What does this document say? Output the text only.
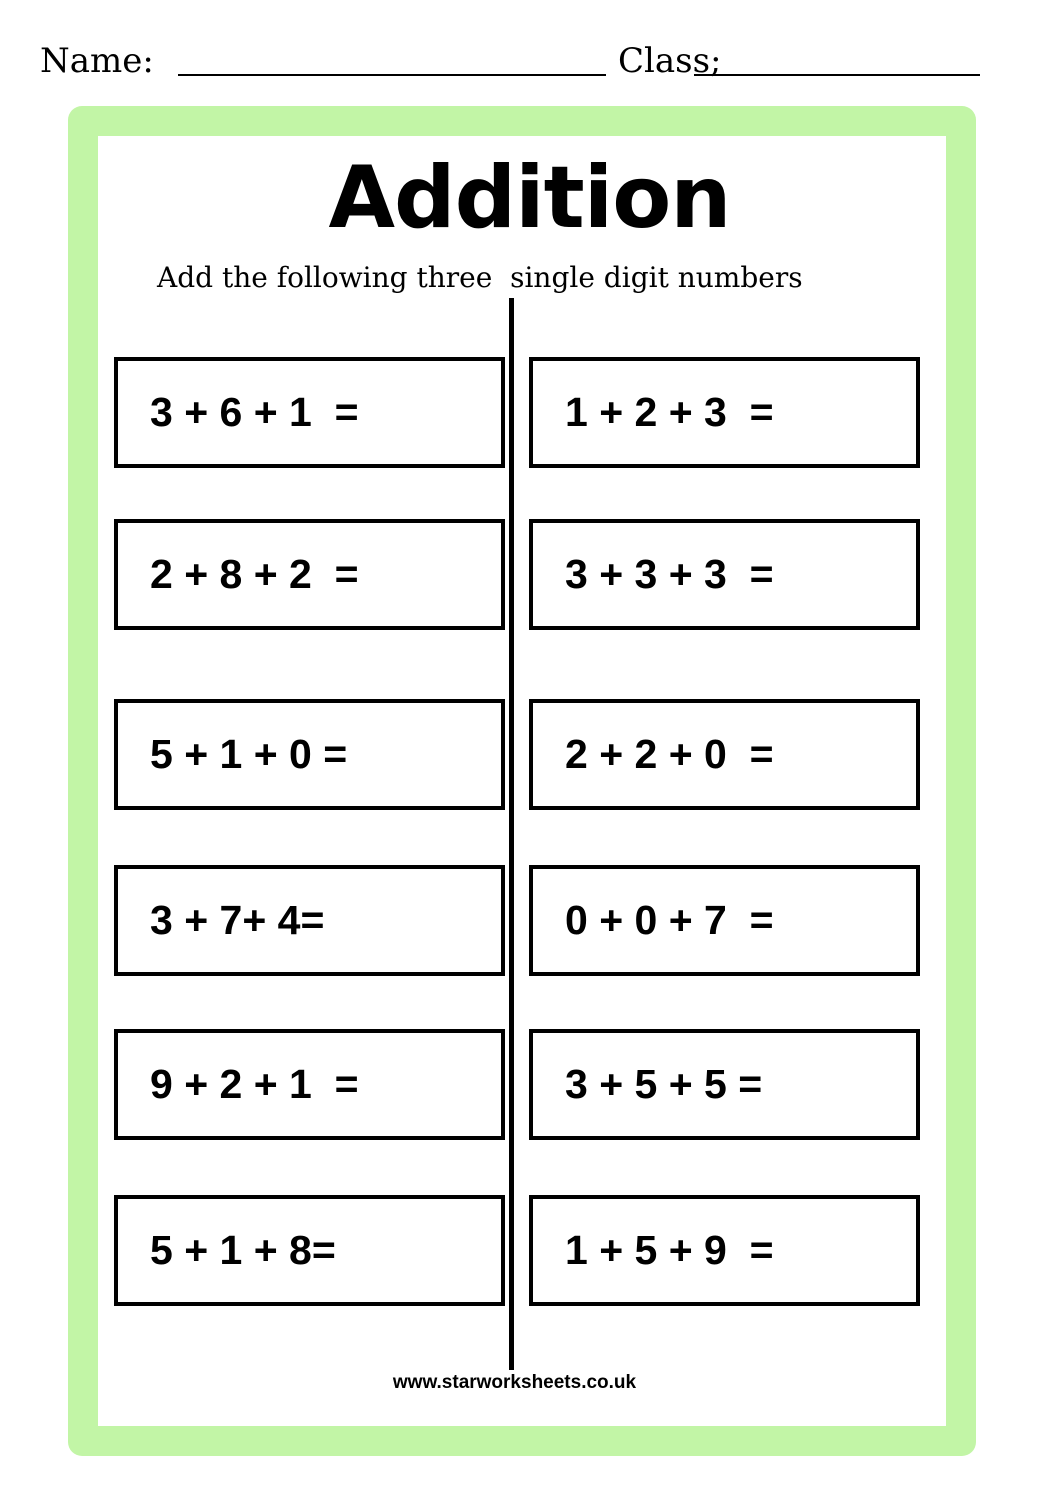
Name:	Class;
Addition
Add the following three  single digit numbers
3 + 6 + 1  =
2 + 8 + 2  =
5 + 1 + 0 =
3 + 7+ 4=
9 + 2 + 1  =
5 + 1 + 8=
1 + 2 + 3  =
3 + 3 + 3  =
2 + 2 + 0  =
0 + 0 + 7  =
3 + 5 + 5 =
1 + 5 + 9  =
www.starworksheets.co.uk
